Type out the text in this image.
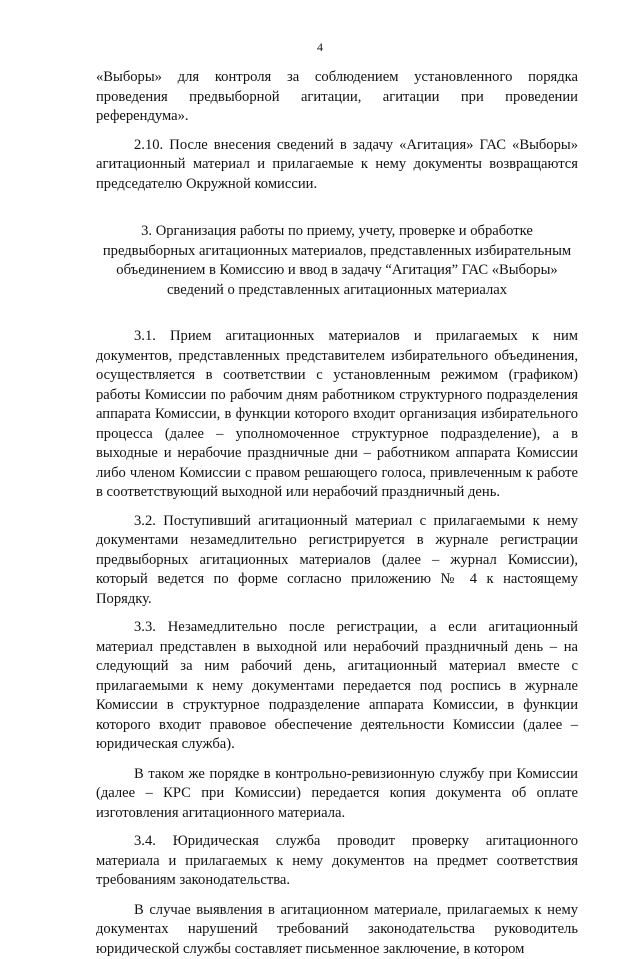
4

«Выборы» для контроля за соблюдением установленного порядка проведения предвыборной агитации, агитации при проведении референдума».

2.10. После внесения сведений в задачу «Агитация» ГАС «Выборы» агитационный материал и прилагаемые к нему документы возвращаются председателю Окружной комиссии.

3. Организация работы по приему, учету, проверке и обработке
предвыборных агитационных материалов, представленных избирательным
объединением в Комиссию и ввод в задачу “Агитация” ГАС «Выборы»
сведений о представленных агитационных материалах

3.1. Прием агитационных материалов и прилагаемых к ним документов, представленных представителем избирательного объединения, осуществляется в соответствии с установленным режимом (графиком) работы Комиссии по рабочим дням работником структурного подразделения аппарата Комиссии, в функции которого входит организация избирательного процесса (далее – уполномоченное структурное подразделение), а в выходные и нерабочие праздничные дни – работником аппарата Комиссии либо членом Комиссии с правом решающего голоса, привлеченным к работе в соответствующий выходной или нерабочий праздничный день.

3.2. Поступивший агитационный материал с прилагаемыми к нему документами незамедлительно регистрируется в журнале регистрации предвыборных агитационных материалов (далее – журнал Комиссии), который ведется по форме согласно приложению № 4 к настоящему Порядку.

3.3. Незамедлительно после регистрации, а если агитационный материал представлен в выходной или нерабочий праздничный день – на следующий за ним рабочий день, агитационный материал вместе с прилагаемыми к нему документами передается под роспись в журнале Комиссии в структурное подразделение аппарата Комиссии, в функции которого входит правовое обеспечение деятельности Комиссии (далее – юридическая служба).

В таком же порядке в контрольно-ревизионную службу при Комиссии (далее – КРС при Комиссии) передается копия документа об оплате изготовления агитационного материала.

3.4. Юридическая служба проводит проверку агитационного материала и прилагаемых к нему документов на предмет соответствия требованиям законодательства.

В случае выявления в агитационном материале, прилагаемых к нему документах нарушений требований законодательства руководитель юридической службы составляет письменное заключение, в котором
